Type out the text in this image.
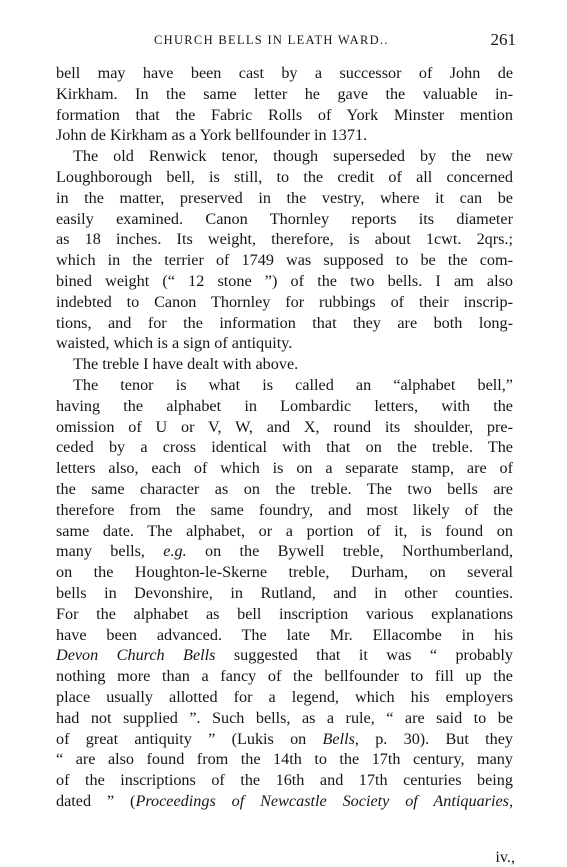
CHURCH BELLS IN LEATH WARD..	261
bell may have been cast by a successor of John de
Kirkham. In the same letter he gave the valuable in-
formation that the Fabric Rolls of York Minster mention
John de Kirkham as a York bellfounder in 1371.
The old Renwick tenor, though superseded by the new
Loughborough bell, is still, to the credit of all concerned
in the matter, preserved in the vestry, where it can be
easily examined. Canon Thornley reports its diameter
as 18 inches. Its weight, therefore, is about 1cwt. 2qrs.;
which in the terrier of 1749 was supposed to be the com-
bined weight (“ 12 stone ”) of the two bells. I am also
indebted to Canon Thornley for rubbings of their inscrip-
tions, and for the information that they are both long-
waisted, which is a sign of antiquity.
The treble I have dealt with above.
The tenor is what is called an “alphabet bell,”
having the alphabet in Lombardic letters, with the
omission of U or V, W, and X, round its shoulder, pre-
ceded by a cross identical with that on the treble. The
letters also, each of which is on a separate stamp, are of
the same character as on the treble. The two bells are
therefore from the same foundry, and most likely of the
same date. The alphabet, or a portion of it, is found on
many bells, e.g. on the Bywell treble, Northumberland,
on the Houghton-le-Skerne treble, Durham, on several
bells in Devonshire, in Rutland, and in other counties.
For the alphabet as bell inscription various explanations
have been advanced. The late Mr. Ellacombe in his
Devon Church Bells suggested that it was “ probably
nothing more than a fancy of the bellfounder to fill up the
place usually allotted for a legend, which his employers
had not supplied ”. Such bells, as a rule, “ are said to be
of great antiquity ” (Lukis on Bells, p. 30). But they
“ are also found from the 14th to the 17th century, many
of the inscriptions of the 16th and 17th centuries being
dated ” (Proceedings of Newcastle Society of Antiquaries,
iv.,
